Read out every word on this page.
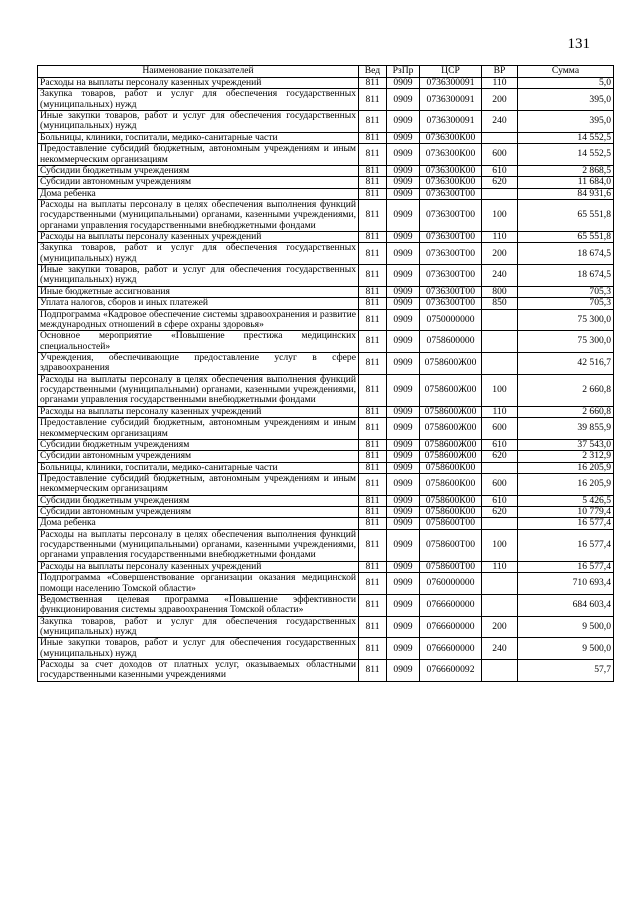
131
Наименование показателей	Вед	РзПр	ЦСР	ВР	Сумма
Расходы на выплаты персоналу казенных учреждений	811	0909	0736300091	110	5,0
Закупка товаров, работ и услуг для обеспечения государственных (муниципальных) нужд	811	0909	0736300091	200	395,0
Иные закупки товаров, работ и услуг для обеспечения государственных (муниципальных) нужд	811	0909	0736300091	240	395,0
Больницы, клиники, госпитали, медико-санитарные части	811	0909	0736300К00		14 552,5
Предоставление субсидий бюджетным, автономным учреждениям и иным некоммерческим организациям	811	0909	0736300К00	600	14 552,5
Субсидии бюджетным учреждениям	811	0909	0736300К00	610	2 868,5
Субсидии автономным учреждениям	811	0909	0736300К00	620	11 684,0
Дома ребенка	811	0909	0736300Т00		84 931,6
Расходы на выплаты персоналу в целях обеспечения выполнения функций государственными (муниципальными) органами, казенными учреждениями, органами управления государственными внебюджетными фондами	811	0909	0736300Т00	100	65 551,8
Расходы на выплаты персоналу казенных учреждений	811	0909	0736300Т00	110	65 551,8
Закупка товаров, работ и услуг для обеспечения государственных (муниципальных) нужд	811	0909	0736300Т00	200	18 674,5
Иные закупки товаров, работ и услуг для обеспечения государственных (муниципальных) нужд	811	0909	0736300Т00	240	18 674,5
Иные бюджетные ассигнования	811	0909	0736300Т00	800	705,3
Уплата налогов, сборов и иных платежей	811	0909	0736300Т00	850	705,3
Подпрограмма «Кадровое обеспечение системы здравоохранения и развитие международных отношений в сфере охраны здоровья»	811	0909	0750000000		75 300,0
Основное мероприятие «Повышение престижа медицинских специальностей»	811	0909	0758600000		75 300,0
Учреждения, обеспечивающие предоставление услуг в сфере здравоохранения	811	0909	0758600Ж00		42 516,7
Расходы на выплаты персоналу в целях обеспечения выполнения функций государственными (муниципальными) органами, казенными учреждениями, органами управления государственными внебюджетными фондами	811	0909	0758600Ж00	100	2 660,8
Расходы на выплаты персоналу казенных учреждений	811	0909	0758600Ж00	110	2 660,8
Предоставление субсидий бюджетным, автономным учреждениям и иным некоммерческим организациям	811	0909	0758600Ж00	600	39 855,9
Субсидии бюджетным учреждениям	811	0909	0758600Ж00	610	37 543,0
Субсидии автономным учреждениям	811	0909	0758600Ж00	620	2 312,9
Больницы, клиники, госпитали, медико-санитарные части	811	0909	0758600К00		16 205,9
Предоставление субсидий бюджетным, автономным учреждениям и иным некоммерческим организациям	811	0909	0758600К00	600	16 205,9
Субсидии бюджетным учреждениям	811	0909	0758600К00	610	5 426,5
Субсидии автономным учреждениям	811	0909	0758600К00	620	10 779,4
Дома ребенка	811	0909	0758600Т00		16 577,4
Расходы на выплаты персоналу в целях обеспечения выполнения функций государственными (муниципальными) органами, казенными учреждениями, органами управления государственными внебюджетными фондами	811	0909	0758600Т00	100	16 577,4
Расходы на выплаты персоналу казенных учреждений	811	0909	0758600Т00	110	16 577,4
Подпрограмма «Совершенствование организации оказания медицинской помощи населению Томской области»	811	0909	0760000000		710 693,4
Ведомственная целевая программа «Повышение эффективности функционирования системы здравоохранения Томской области»	811	0909	0766600000		684 603,4
Закупка товаров, работ и услуг для обеспечения государственных (муниципальных) нужд	811	0909	0766600000	200	9 500,0
Иные закупки товаров, работ и услуг для обеспечения государственных (муниципальных) нужд	811	0909	0766600000	240	9 500,0
Расходы за счет доходов от платных услуг, оказываемых областными государственными казенными учреждениями	811	0909	0766600092		57,7
